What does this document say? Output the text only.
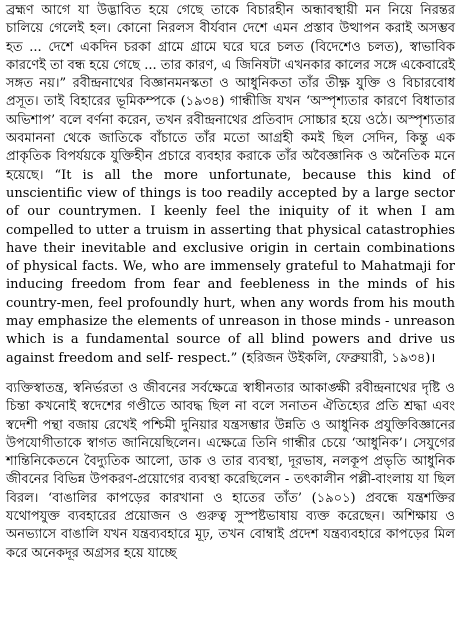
ব্রহ্মণ আগে যা উদ্ভাবিত হয়ে গেছে তাকে বিচারহীন অন্ধাবস্থায়ী মন নিয়ে নিরন্তর চালিয়ে গেলেই হল। কোনো নিরলস বীর্যবান দেশে এমন প্রস্তাব উত্থাপন করাই অসম্ভব হত ... দেশে একদিন চরকা গ্রামে গ্রামে ঘরে ঘরে চলত (বিদেশেও চলত), স্বাভাবিক কারণেই তা বন্ধ হয়ে গেছে ... তার কারণ, এ জিনিষটা এখনকার কালের সঙ্গে একেবারেই সঙ্গত নয়।” রবীন্দ্রনাথের বিজ্ঞানমনস্কতা ও আধুনিকতা তাঁর তীক্ষ্ণ যুক্তি ও বিচারবোধ প্রসূত। তাই বিহারের ভূমিকম্পকে (১৯৩৪) গান্ধীজি যখন ‘অস্পৃশ্যতার কারণে বিধাতার অভিশাপ’ বলে বর্ণনা করেন, তখন রবীন্দ্রনাথের প্রতিবাদ সোচ্চার হয়ে ওঠে। অস্পৃশ্যতার অবমাননা থেকে জাতিকে বাঁচাতে তাঁর মতো আগ্রহী কমই ছিল সেদিন, কিন্তু এক প্রাকৃতিক বিপর্যয়কে যুক্তিহীন প্রচারে ব্যবহার করাকে তাঁর অবৈজ্ঞানিক ও অনৈতিক মনে হয়েছে। “It is all the more unfortunate, because this kind of unscientific view of things is too readily accepted by a large sector of our countrymen. I keenly feel the iniquity of it when I am compelled to utter a truism in asserting that physical catastrophies have their inevitable and exclusive origin in certain combinations of physical facts. We, who are immensely grateful to Mahatmaji for inducing freedom from fear and feebleness in the minds of his country-men, feel profoundly hurt, when any words from his mouth may emphasize the elements of unreason in those minds - unreason which is a fundamental source of all blind powers and drive us against freedom and self- respect.” (হরিজন উইকলি, ফেব্রুয়ারী, ১৯৩৪)।

ব্যক্তিস্বাতন্ত্র, স্বনির্ভরতা ও জীবনের সর্বক্ষেত্রে স্বাধীনতার আকাঙ্ক্ষী রবীন্দ্রনাথের দৃষ্টি ও চিন্তা কখনোই স্বদেশের গণ্ডীতে আবদ্ধ ছিল না বলে সনাতন ঐতিহ্যের প্রতি শ্রদ্ধা এবং স্বদেশী পন্থা বজায় রেখেই পশ্চিমী দুনিয়ার যন্ত্রসম্ভার উন্নতি ও আধুনিক প্রযুক্তিবিজ্ঞানের উপযোগীতাকে স্বাগত জানিয়েছিলেন। এক্ষেত্রে তিনি গান্ধীর চেয়ে ‘আধুনিক’। সেযুগের শান্তিনিকেতনে বৈদ্যুতিক আলো, ডাক ও তার ব্যবস্থা, দূরভাষ, নলকূপ প্রভৃতি আধুনিক জীবনের বিভিন্ন উপকরণ-প্রয়োগের ব্যবস্থা করেছিলেন - তৎকালীন পল্লী-বাংলায় যা ছিল বিরল। ‘বাঙালির কাপড়ের কারখানা ও হাতের তাঁত’ (১৯০১) প্রবন্ধে যন্ত্রশক্তির যথোপযুক্ত ব্যবহারের প্রয়োজন ও গুরুত্ব সুস্পষ্টভাষায় ব্যক্ত করেছেন। অশিক্ষায় ও অনভ্যাসে বাঙালি যখন যন্ত্রব্যবহারে মূঢ়, তখন বোম্বাই প্রদেশ যন্ত্রব্যবহারে কাপড়ের মিল করে অনেকদূর অগ্রসর হয়ে যাচ্ছে
